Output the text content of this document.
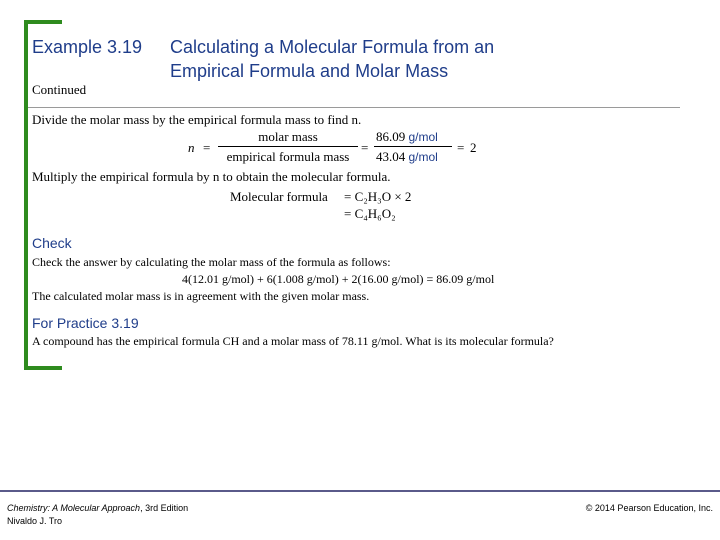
Example 3.19 Calculating a Molecular Formula from an
Empirical Formula and Molar Mass
Continued
Divide the molar mass by the empirical formula mass to find n.
n =
molar mass
empirical formula mass
=
86.09 g/mol
43.04 g/mol
= 2
Multiply the empirical formula by n to obtain the molecular formula.
Molecular formula = C₂H₃O × 2
= C₄H₆O₂
Check
Check the answer by calculating the molar mass of the formula as follows:
4(12.01 g/mol) + 6(1.008 g/mol) + 2(16.00 g/mol) = 86.09 g/mol
The calculated molar mass is in agreement with the given molar mass.
For Practice 3.19
A compound has the empirical formula CH and a molar mass of 78.11 g/mol. What is its molecular formula?
Chemistry: A Molecular Approach, 3rd Edition
Nivaldo J. Tro
© 2014 Pearson Education, Inc.
